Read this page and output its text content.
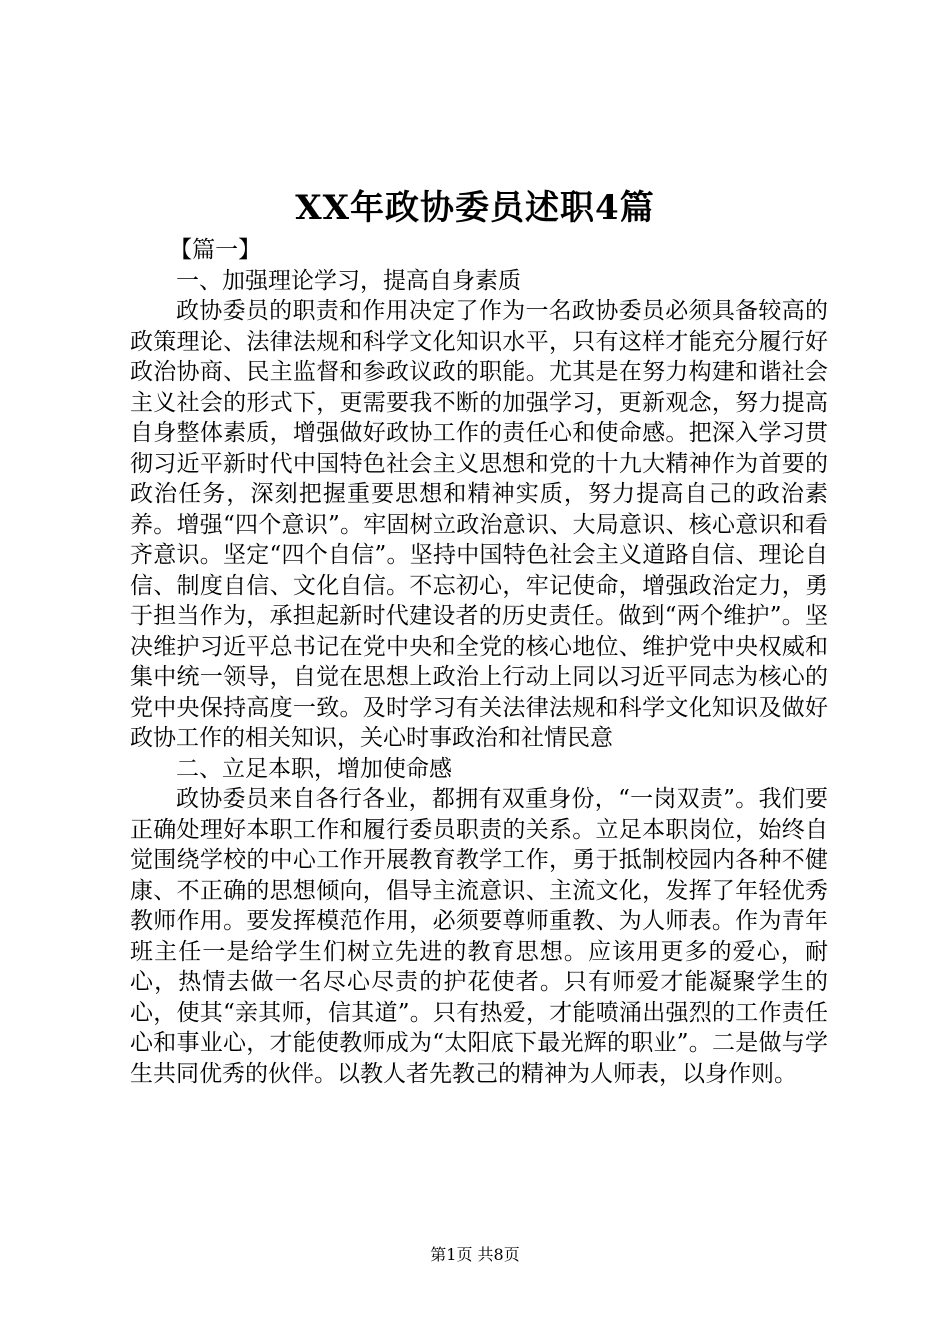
XX年政协委员述职4篇

【篇一】

一、加强理论学习，提高自身素质

政协委员的职责和作用决定了作为一名政协委员必须具备较高的政策理论、法律法规和科学文化知识水平，只有这样才能充分履行好政治协商、民主监督和参政议政的职能。尤其是在努力构建和谐社会主义社会的形式下，更需要我不断的加强学习，更新观念，努力提高自身整体素质，增强做好政协工作的责任心和使命感。把深入学习贯彻习近平新时代中国特色社会主义思想和党的十九大精神作为首要的政治任务，深刻把握重要思想和精神实质，努力提高自己的政治素养。增强“四个意识”。牢固树立政治意识、大局意识、核心意识和看齐意识。坚定“四个自信”。坚持中国特色社会主义道路自信、理论自信、制度自信、文化自信。不忘初心，牢记使命，增强政治定力，勇于担当作为，承担起新时代建设者的历史责任。做到“两个维护”。坚决维护习近平总书记在党中央和全党的核心地位、维护党中央权威和集中统一领导，自觉在思想上政治上行动上同以习近平同志为核心的党中央保持高度一致。及时学习有关法律法规和科学文化知识及做好政协工作的相关知识，关心时事政治和社情民意

二、立足本职，增加使命感

政协委员来自各行各业，都拥有双重身份，“一岗双责”。我们要正确处理好本职工作和履行委员职责的关系。立足本职岗位，始终自觉围绕学校的中心工作开展教育教学工作，勇于抵制校园内各种不健康、不正确的思想倾向，倡导主流意识、主流文化，发挥了年轻优秀教师作用。要发挥模范作用，必须要尊师重教、为人师表。作为青年班主任一是给学生们树立先进的教育思想。应该用更多的爱心，耐心，热情去做一名尽心尽责的护花使者。只有师爱才能凝聚学生的心，使其“亲其师，信其道”。只有热爱，才能喷涌出强烈的工作责任心和事业心，才能使教师成为“太阳底下最光辉的职业”。二是做与学生共同优秀的伙伴。以教人者先教己的精神为人师表，以身作则。

第1页 共8页
